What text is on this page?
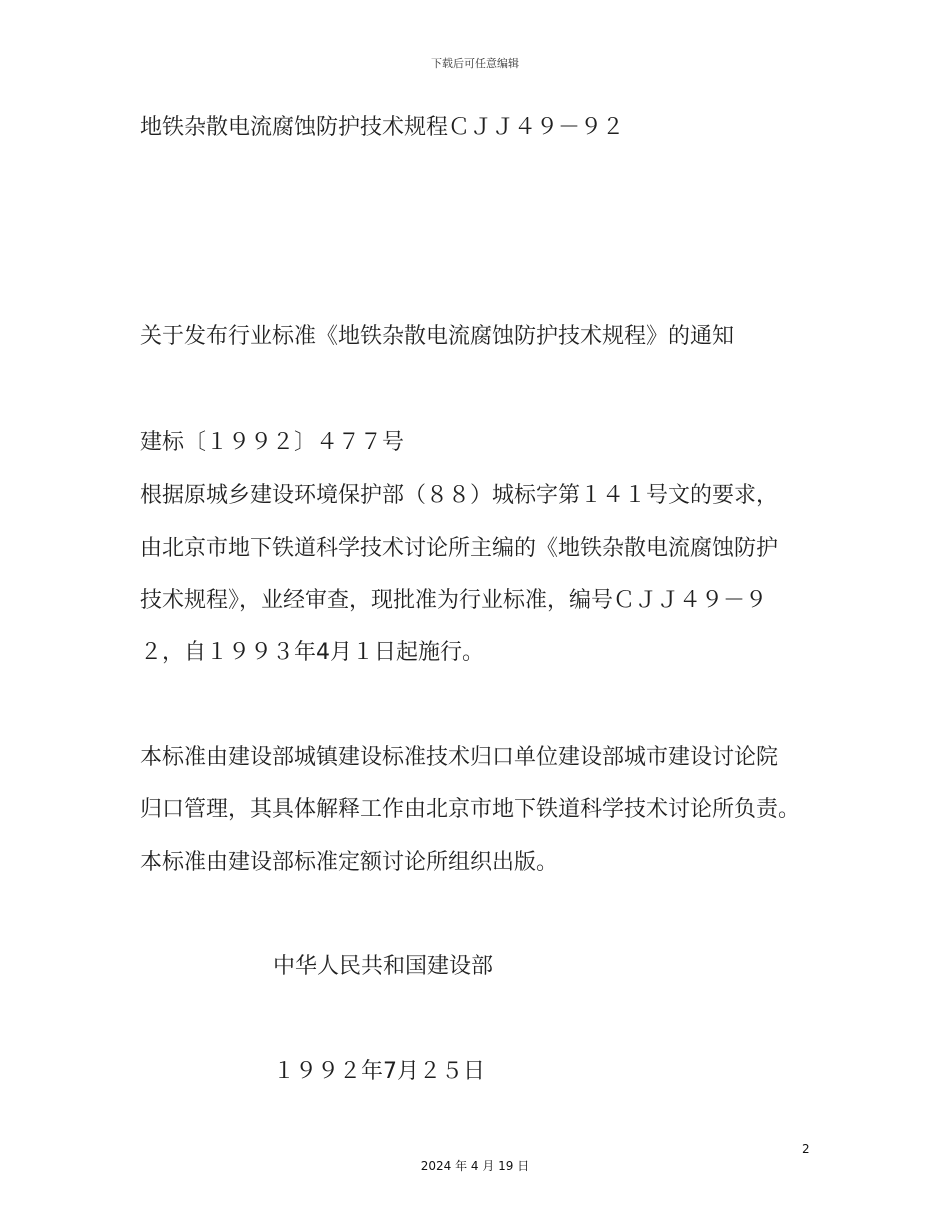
下载后可任意编辑
地铁杂散电流腐蚀防护技术规程ＣＪＪ４９－９２
关于发布行业标准《地铁杂散电流腐蚀防护技术规程》的通知
建标〔１９９２〕４７７号
根据原城乡建设环境保护部（８８）城标字第１４１号文的要求，
由北京市地下铁道科学技术讨论所主编的《地铁杂散电流腐蚀防护
技术规程》，业经审查，现批准为行业标准，编号ＣＪＪ４９－９
２，自１９９３年4月１日起施行。
本标准由建设部城镇建设标准技术归口单位建设部城市建设讨论院
归口管理，其具体解释工作由北京市地下铁道科学技术讨论所负责。
本标准由建设部标准定额讨论所组织出版。
中华人民共和国建设部
１９９２年7月２５日
2
2024 年 4 月 19 日
